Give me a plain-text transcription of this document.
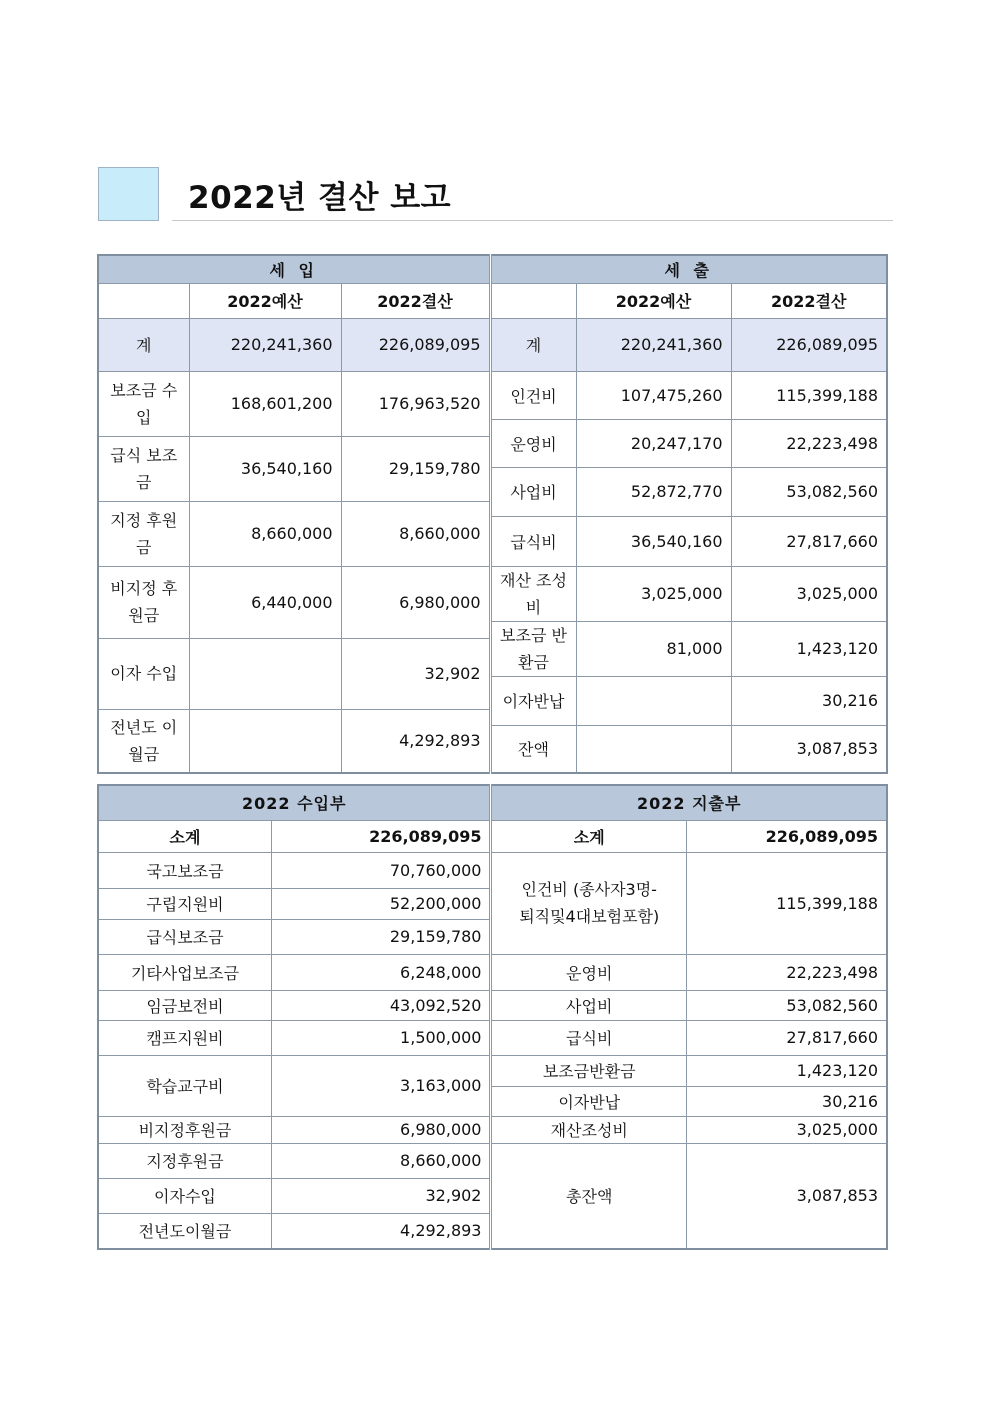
2022년 결산 보고
세 입			세 출		
	2022예산	2022결산		2022예산	2022결산
계	220,241,360	226,089,095	계	220,241,360	226,089,095
보조금 수입	168,601,200	176,963,520	인건비	107,475,260	115,399,188
			운영비	20,247,170	22,223,498
급식 보조금	36,540,160	29,159,780			
			사업비	52,872,770	53,082,560
지정 후원금	8,660,000	8,660,000			
			급식비	36,540,160	27,817,660
비지정 후원금	6,440,000	6,980,000	재산 조성비	3,025,000	3,025,000
			보조금 반환금	81,000	1,423,120
이자 수입		32,902			
			이자반납		30,216
전년도 이월금		4,292,893			
			잔액		3,087,853
2022 수입부		2022 지출부	
소계	226,089,095	소계	226,089,095
국고보조금	70,760,000	인건비 (종사자3명- 퇴직및4대보험포함)	115,399,188
구립지원비	52,200,000		
급식보조금	29,159,780		
기타사업보조금	6,248,000	운영비	22,223,498
임금보전비	43,092,520	사업비	53,082,560
캠프지원비	1,500,000	급식비	27,817,660
학습교구비	3,163,000	보조금반환금	1,423,120
		이자반납	30,216
비지정후원금	6,980,000	재산조성비	3,025,000
지정후원금	8,660,000	총잔액	3,087,853
이자수입	32,902		
전년도이월금	4,292,893		
